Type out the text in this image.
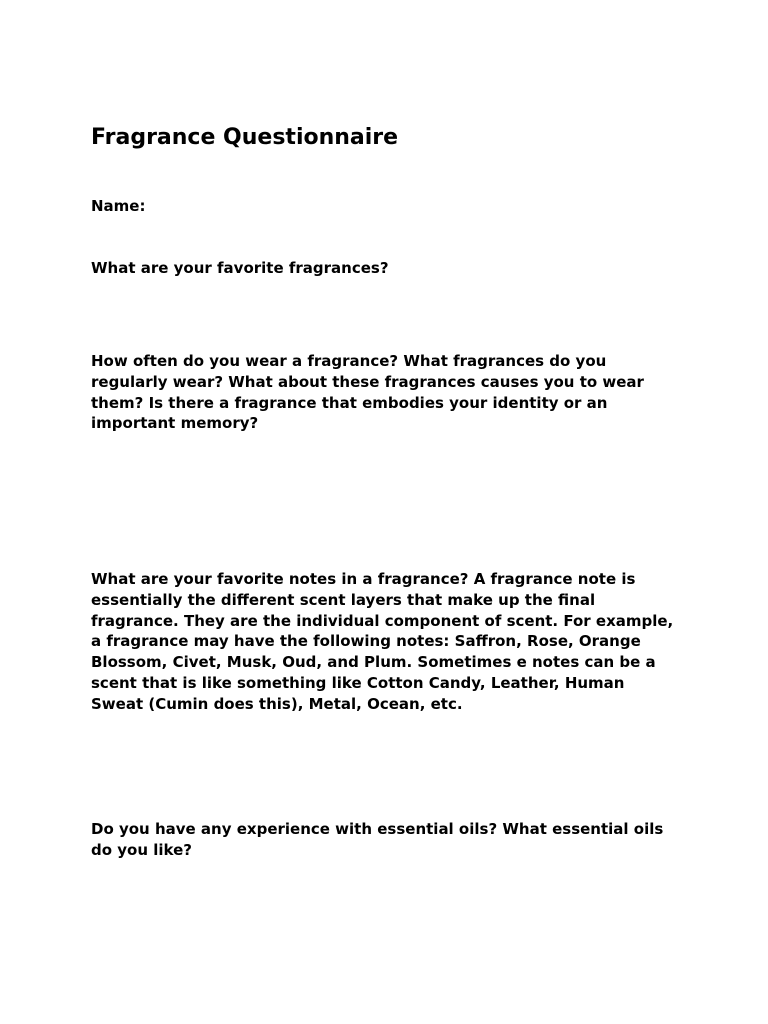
Fragrance Questionnaire

Name:

What are your favorite fragrances?

How often do you wear a fragrance? What fragrances do you
regularly wear? What about these fragrances causes you to wear
them? Is there a fragrance that embodies your identity or an
important memory?

What are your favorite notes in a fragrance? A fragrance note is
essentially the different scent layers that make up the final
fragrance. They are the individual component of scent. For example,
a fragrance may have the following notes: Saffron, Rose, Orange
Blossom, Civet, Musk, Oud, and Plum. Sometimes e notes can be a
scent that is like something like Cotton Candy, Leather, Human
Sweat (Cumin does this), Metal, Ocean, etc.

Do you have any experience with essential oils? What essential oils
do you like?
